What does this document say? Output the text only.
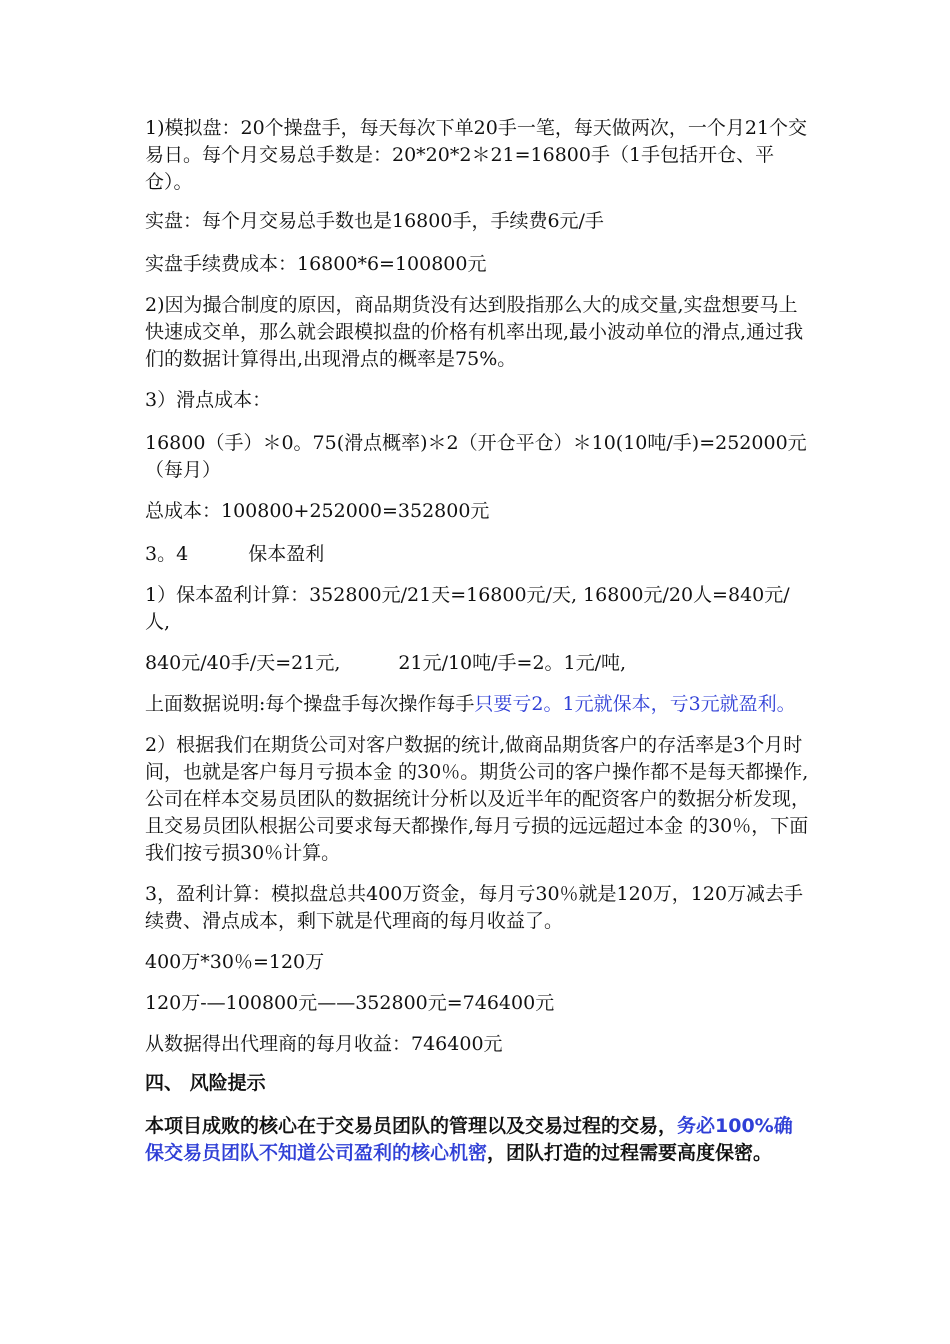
1)模拟盘：20个操盘手，每天每次下单20手一笔，每天做两次，一个月21个交易日。每个月交易总手数是：20*20*2＊21=16800手（1手包括开仓、平仓）。

实盘：每个月交易总手数也是16800手，手续费6元/手

实盘手续费成本：16800*6=100800元

2)因为撮合制度的原因，商品期货没有达到股指那么大的成交量,实盘想要马上快速成交单，那么就会跟模拟盘的价格有机率出现,最小波动单位的滑点,通过我们的数据计算得出,出现滑点的概率是75%。

3）滑点成本：

16800（手）＊0。75(滑点概率)＊2（开仓平仓）＊10(10吨/手)=252000元（每月）

总成本：100800+252000=352800元

3。4	保本盈利

1）保本盈利计算：352800元/21天=16800元/天, 16800元/20人=840元/人,

840元/40手/天=21元,	21元/10吨/手=2。1元/吨,

上面数据说明:每个操盘手每次操作每手只要亏2。1元就保本，亏3元就盈利。

2）根据我们在期货公司对客户数据的统计,做商品期货客户的存活率是3个月时间，也就是客户每月亏损本金 的30％。期货公司的客户操作都不是每天都操作,公司在样本交易员团队的数据统计分析以及近半年的配资客户的数据分析发现，且交易员团队根据公司要求每天都操作,每月亏损的远远超过本金 的30％，下面我们按亏损30％计算。

3，盈利计算：模拟盘总共400万资金，每月亏30％就是120万，120万减去手续费、滑点成本，剩下就是代理商的每月收益了。

400万*30％=120万

120万-—100800元——352800元=746400元

从数据得出代理商的每月收益：746400元

四、 风险提示

本项目成败的核心在于交易员团队的管理以及交易过程的交易，务必100%确保交易员团队不知道公司盈利的核心机密，团队打造的过程需要高度保密。
